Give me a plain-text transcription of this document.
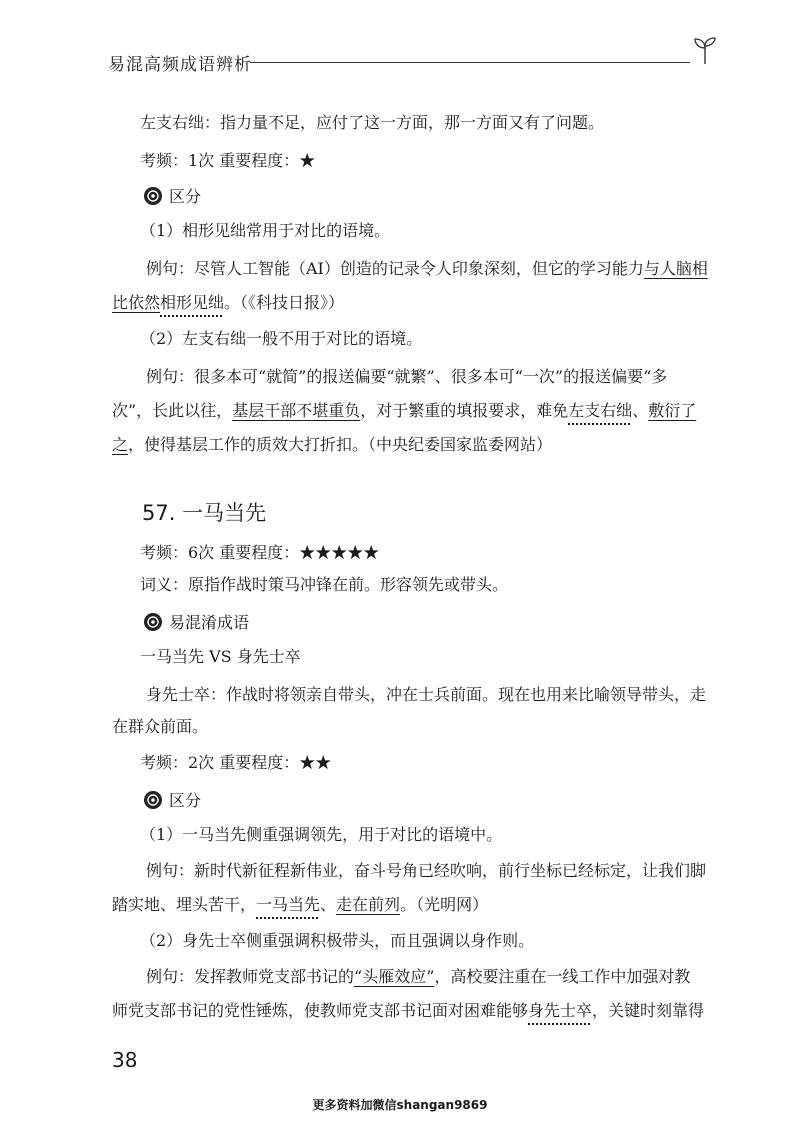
易混高频成语辨析
左支右绌：指力量不足，应付了这一方面，那一方面又有了问题。
考频：1次 重要程度：★
区分
（1）相形见绌常用于对比的语境。
例句：尽管人工智能（AI）创造的记录令人印象深刻，但它的学习能力与人脑相
比依然相形见绌。（《科技日报》）
（2）左支右绌一般不用于对比的语境。
例句：很多本可“就简”的报送偏要“就繁”、很多本可“一次”的报送偏要“多
次”，长此以往，基层干部不堪重负，对于繁重的填报要求，难免左支右绌、敷衍了
之，使得基层工作的质效大打折扣。（中央纪委国家监委网站）
57. 一马当先
考频：6次 重要程度：★★★★★
词义：原指作战时策马冲锋在前。形容领先或带头。
易混淆成语
一马当先 VS 身先士卒
身先士卒：作战时将领亲自带头，冲在士兵前面。现在也用来比喻领导带头，走
在群众前面。
考频：2次 重要程度：★★
区分
（1）一马当先侧重强调领先，用于对比的语境中。
例句：新时代新征程新伟业，奋斗号角已经吹响，前行坐标已经标定，让我们脚
踏实地、埋头苦干，一马当先、走在前列。（光明网）
（2）身先士卒侧重强调积极带头，而且强调以身作则。
例句：发挥教师党支部书记的“头雁效应”，高校要注重在一线工作中加强对教
师党支部书记的党性锤炼，使教师党支部书记面对困难能够身先士卒，关键时刻靠得
38
更多资料加微信shangan9869
